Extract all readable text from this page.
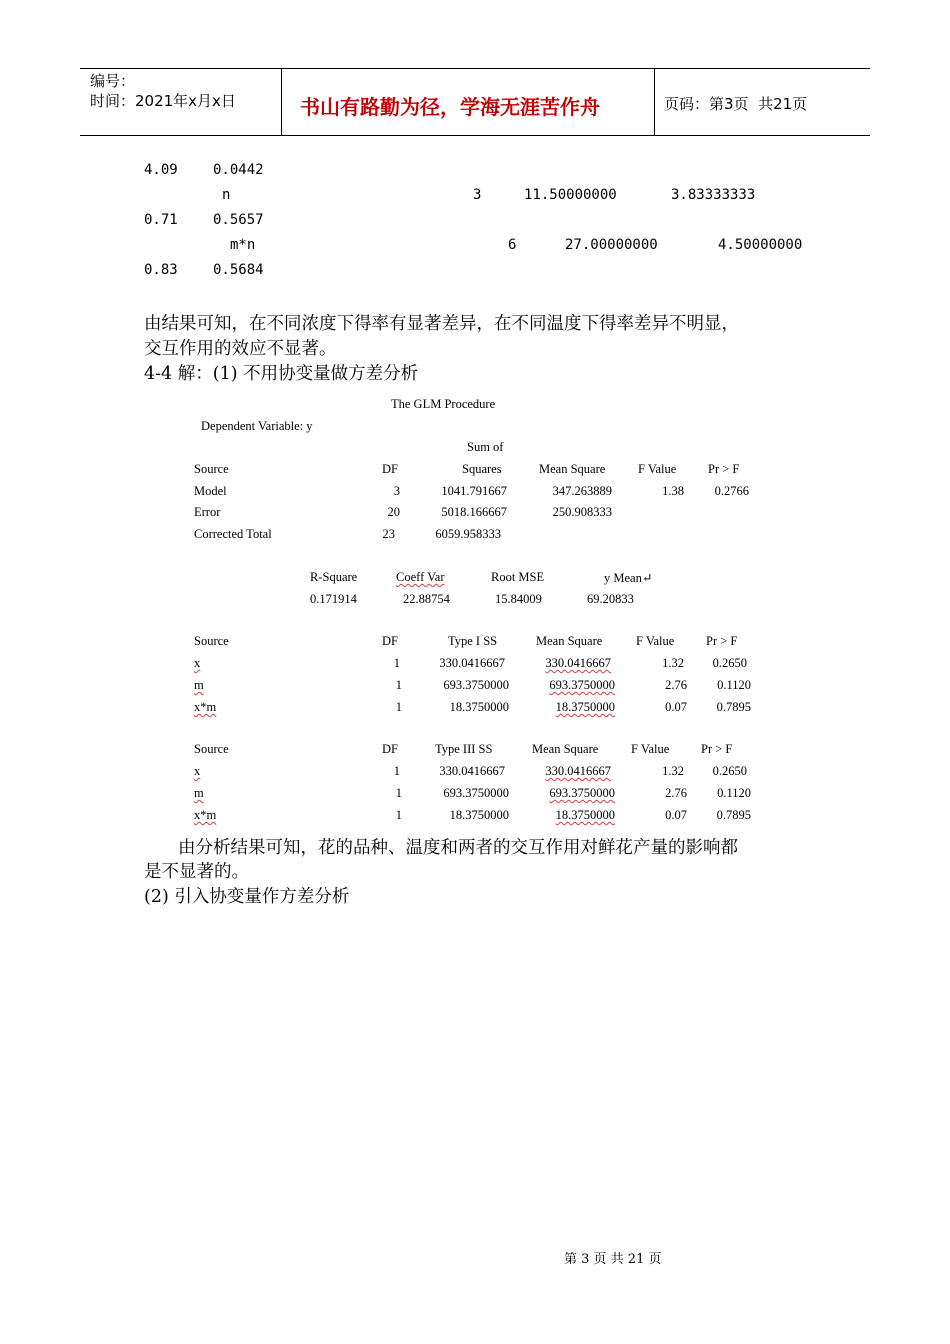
编号：
时间：2021年x月x日	书山有路勤为径，学海无涯苦作舟	页码：第3页  共21页
4.09	0.0442
n	3	11.50000000	3.83333333
0.71	0.5657
m*n	6	27.00000000	4.50000000
0.83	0.5684
由结果可知，在不同浓度下得率有显著差异，在不同温度下得率差异不明显，
交互作用的效应不显著。
4-4 解：(1) 不用协变量做方差分析
The GLM Procedure
Dependent Variable: y
Sum of
Source	DF	Squares	Mean Square	F Value	Pr > F
Model	3	1041.791667	347.263889	1.38 0.2766
Error	20	5018.166667	250.908333
Corrected Total	23	6059.958333
R-Square	Coeff Var	Root MSE	y Mean↵
0.171914	22.88754	15.84009	69.20833
Source	DF	Type I SS	Mean Square	F Value	Pr > F
x	1	330.0416667	330.0416667	1.32 0.2650
m	1	693.3750000	693.3750000	2.76 0.1120
x*m	1	18.3750000	18.3750000	0.07 0.7895
Source	DF	Type III SS	Mean Square	F Value	Pr > F
x	1	330.0416667	330.0416667	1.32 0.2650
m	1	693.3750000	693.3750000	2.76 0.1120
x*m	1	18.3750000	18.3750000	0.07 0.7895
由分析结果可知，花的品种、温度和两者的交互作用对鲜花产量的影响都
是不显著的。
(2) 引入协变量作方差分析
第 3 页 共 21 页
